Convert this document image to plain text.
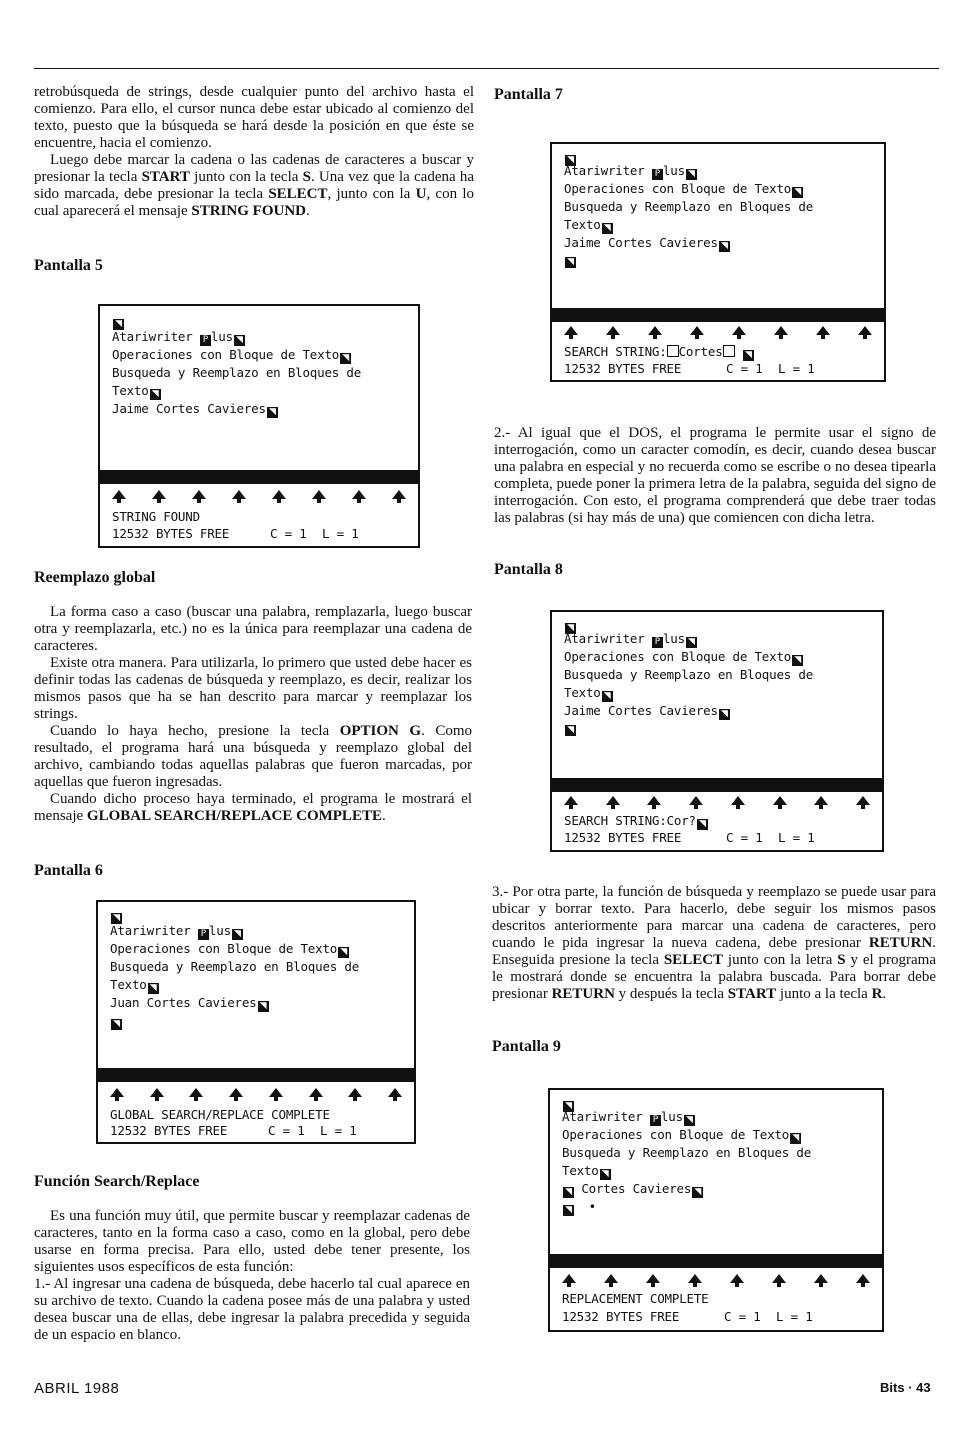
retrobúsqueda de strings, desde cualquier punto del archivo hasta el comienzo. Para ello, el cursor nunca debe estar ubicado al comienzo del texto, puesto que la búsqueda se hará desde la posición en que éste se encuentre, hacia el comienzo.

Luego debe marcar la cadena o las cadenas de caracteres a buscar y presionar la tecla START junto con la tecla S. Una vez que la cadena ha sido marcada, debe presionar la tecla SELECT, junto con la U, con lo cual aparecerá el mensaje STRING FOUND.

Pantalla 5
◥
Atariwriter P lus ◥
Operaciones con Bloque de Texto ◥
Busqueda y Reemplazo en Bloques de
Texto ◥
Jaime Cortes Cavieres ◥
STRING FOUND
12532 BYTES FREE	C = 1 L = 1
Reemplazo global

La forma caso a caso (buscar una palabra, remplazarla, luego buscar otra y reemplazarla, etc.) no es la única para reemplazar una cadena de caracteres.

Existe otra manera. Para utilizarla, lo primero que usted debe hacer es definir todas las cadenas de búsqueda y reemplazo, es decir, realizar los mismos pasos que ha se han descrito para marcar y reemplazar los strings.

Cuando lo haya hecho, presione la tecla OPTION G. Como resultado, el programa hará una búsqueda y reemplazo global del archivo, cambiando todas aquellas palabras que fueron marcadas, por aquellas que fueron ingresadas.

Cuando dicho proceso haya terminado, el programa le mostrará el mensaje GLOBAL SEARCH/REPLACE COMPLETE.

Pantalla 6
◥
Atariwriter P lus ◥
Operaciones con Bloque de Texto ◥
Busqueda y Reemplazo en Bloques de
Texto ◥
Juan Cortes Cavieres ◥
◥
GLOBAL SEARCH/REPLACE COMPLETE
12532 BYTES FREE	C = 1 L = 1
Función Search/Replace

Es una función muy útil, que permite buscar y reemplazar cadenas de caracteres, tanto en la forma caso a caso, como en la global, pero debe usarse en forma precisa. Para ello, usted debe tener presente, los siguientes usos específicos de esta función:

1.- Al ingresar una cadena de búsqueda, debe hacerlo tal cual aparece en su archivo de texto. Cuando la cadena posee más de una palabra y usted desea buscar una de ellas, debe ingresar la palabra precedida y seguida de un espacio en blanco.

Pantalla 7
◥
Atariwriter P lus ◥
Operaciones con Bloque de Texto ◥
Busqueda y Reemplazo en Bloques de
Texto ◥
Jaime Cortes Cavieres ◥
◥
SEARCH STRING: Cortes ◥
12532 BYTES FREE	C = 1 L = 1

2.- Al igual que el DOS, el programa le permite usar el signo de interrogación, como un caracter comodín, es decir, cuando desea buscar una palabra en especial y no recuerda como se escribe o no desea tipearla completa, puede poner la primera letra de la palabra, seguida del signo de interrogación. Con esto, el programa comprenderá que debe traer todas las palabras (si hay más de una) que comiencen con dicha letra.

Pantalla 8
◥
Atariwriter P lus ◥
Operaciones con Bloque de Texto ◥
Busqueda y Reemplazo en Bloques de
Texto ◥
Jaime Cortes Cavieres ◥
◥
SEARCH STRING:Cor? ◥
12532 BYTES FREE	C = 1 L = 1

3.- Por otra parte, la función de búsqueda y reemplazo se puede usar para ubicar y borrar texto. Para hacerlo, debe seguir los mismos pasos descritos anteriormente para marcar una cadena de caracteres, pero cuando le pida ingresar la nueva cadena, debe presionar RETURN. Enseguida presione la tecla SELECT junto con la letra S y el programa le mostrará donde se encuentra la palabra buscada. Para borrar debe presionar RETURN y después la tecla START junto a la tecla R.

Pantalla 9
◥
Atariwriter P lus ◥
Operaciones con Bloque de Texto ◥
Busqueda y Reemplazo en Bloques de
Texto ◥
◥ Cortes Cavieres ◥
◥ •
REPLACEMENT COMPLETE
12532 BYTES FREE	C = 1 L = 1
ABRIL 1988	Bits · 43
